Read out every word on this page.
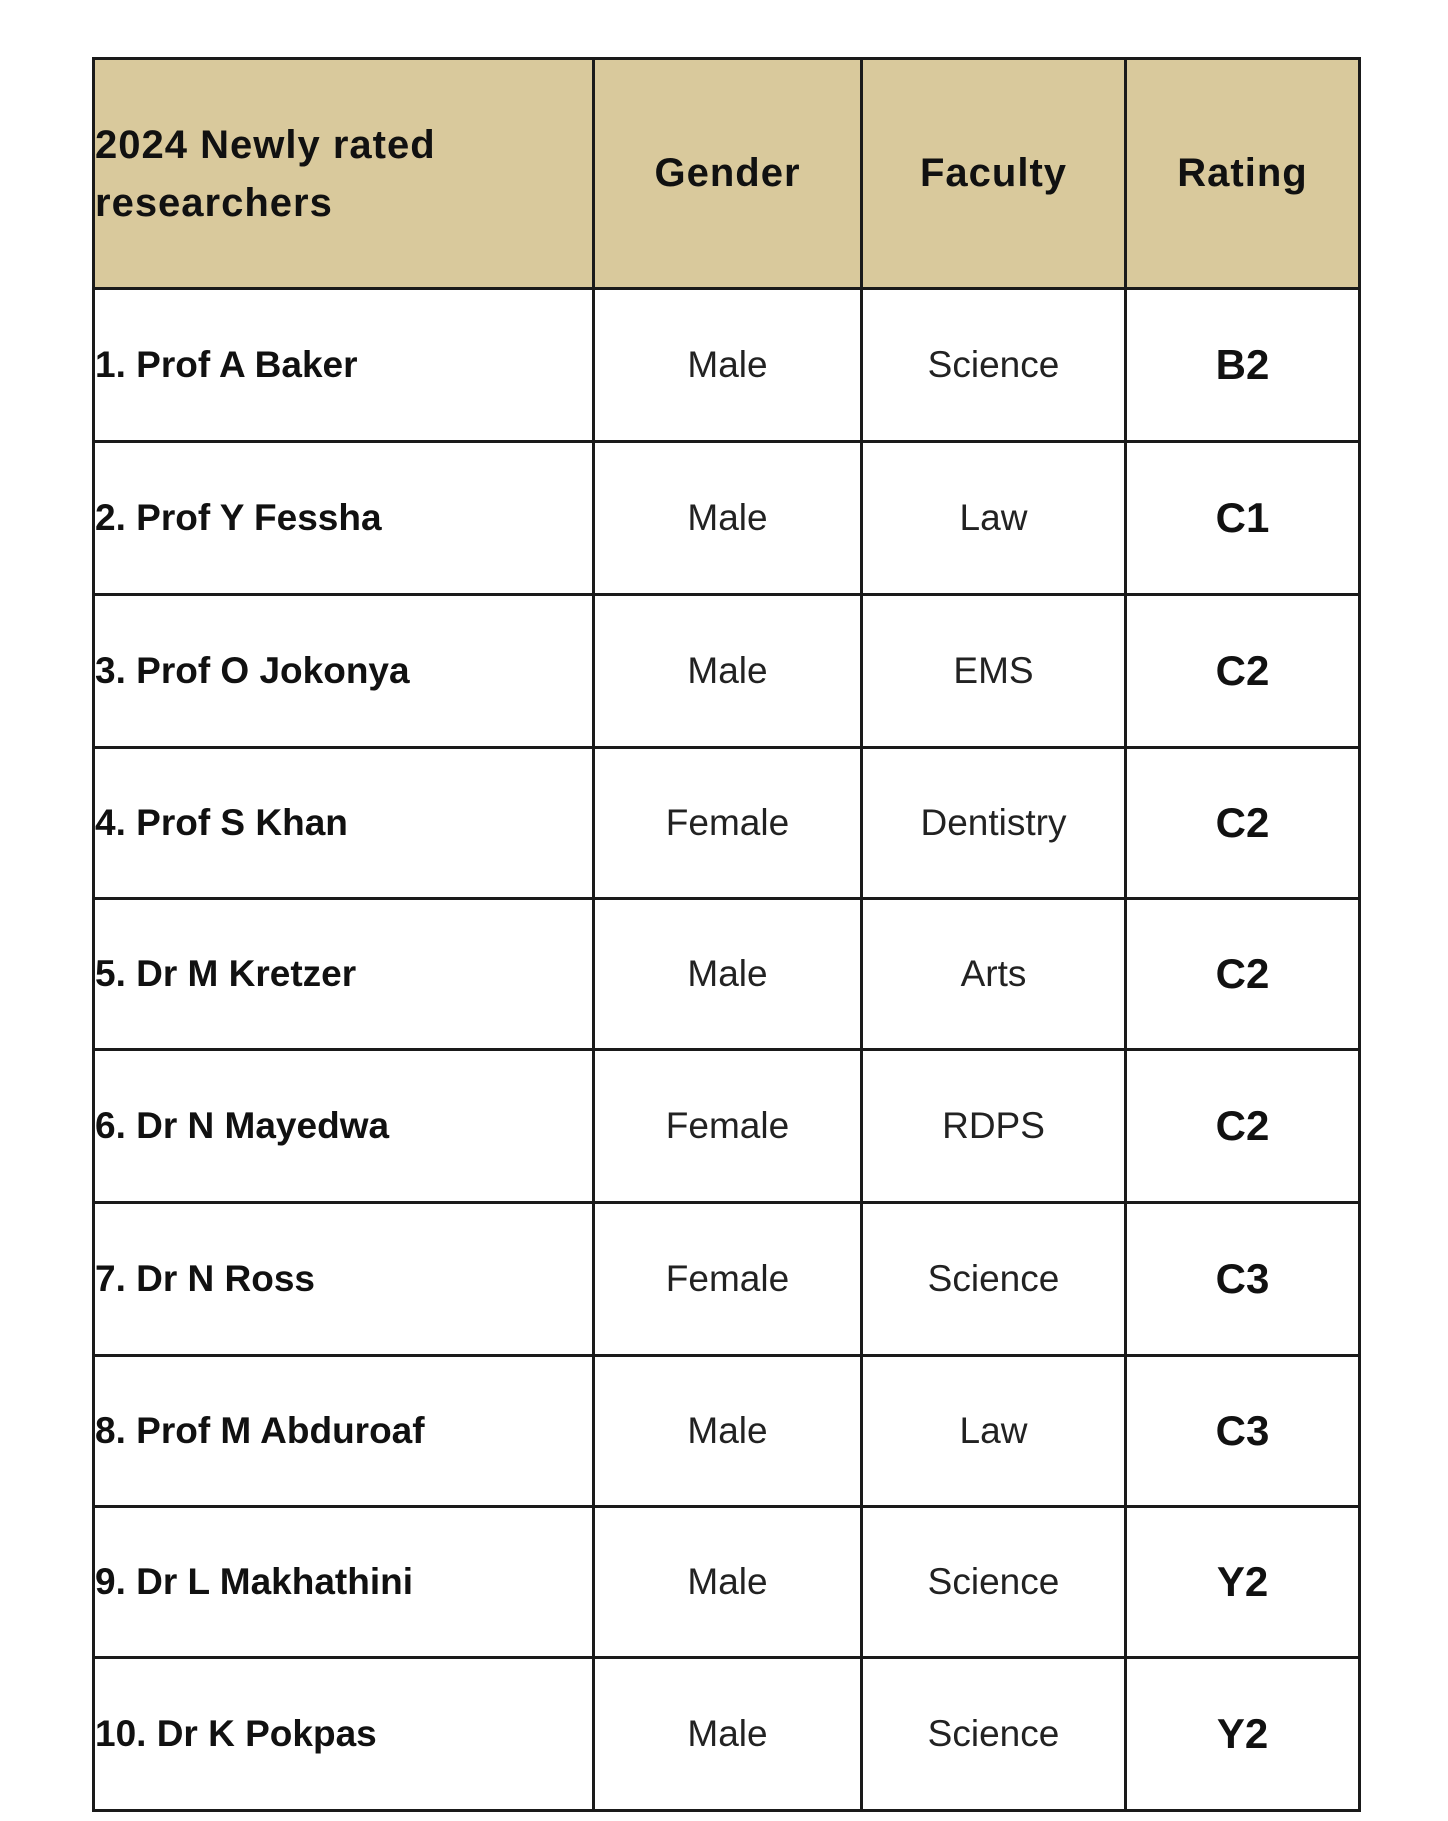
2024 Newly rated researchers	Gender	Faculty	Rating
1. Prof A Baker	Male	Science	B2
2. Prof Y Fessha	Male	Law	C1
3. Prof O Jokonya	Male	EMS	C2
4. Prof S Khan	Female	Dentistry	C2
5. Dr M Kretzer	Male	Arts	C2
6. Dr N Mayedwa	Female	RDPS	C2
7. Dr N Ross	Female	Science	C3
8. Prof M Abduroaf	Male	Law	C3
9. Dr L Makhathini	Male	Science	Y2
10. Dr K Pokpas	Male	Science	Y2
